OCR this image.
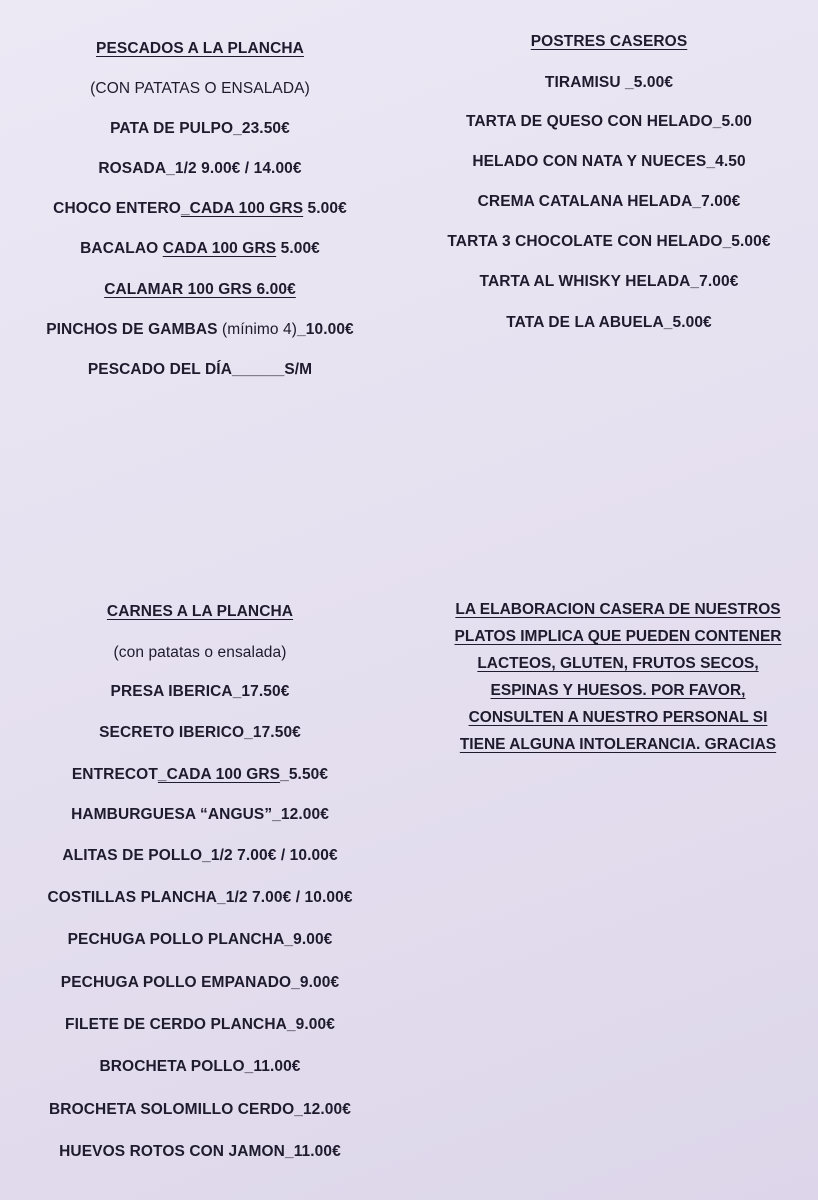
PESCADOS A LA PLANCHA
(CON PATATAS O ENSALADA)
PATA DE PULPO_23.50€
ROSADA_1/2 9.00€ / 14.00€
CHOCO ENTERO_CADA 100 GRS 5.00€
BACALAO CADA 100 GRS 5.00€
CALAMAR 100 GRS 6.00€
PINCHOS DE GAMBAS (mínimo 4)_10.00€
PESCADO DEL DÍA______S/M
POSTRES CASEROS
TIRAMISU _5.00€
TARTA DE QUESO CON HELADO_5.00
HELADO CON NATA Y NUECES_4.50
CREMA CATALANA HELADA_7.00€
TARTA 3 CHOCOLATE CON HELADO_5.00€
TARTA AL WHISKY HELADA_7.00€
TATA DE LA ABUELA_5.00€
CARNES A LA PLANCHA
(con patatas o ensalada)
PRESA IBERICA_17.50€
SECRETO IBERICO_17.50€
ENTRECOT_CADA 100 GRS_5.50€
HAMBURGUESA “ANGUS”_12.00€
ALITAS DE POLLO_1/2 7.00€ / 10.00€
COSTILLAS PLANCHA_1/2 7.00€ / 10.00€
PECHUGA POLLO PLANCHA_9.00€
PECHUGA POLLO EMPANADO_9.00€
FILETE DE CERDO PLANCHA_9.00€
BROCHETA POLLO_11.00€
BROCHETA SOLOMILLO CERDO_12.00€
HUEVOS ROTOS CON JAMON_11.00€
LA ELABORACION CASERA DE NUESTROS
PLATOS IMPLICA QUE PUEDEN CONTENER
LACTEOS, GLUTEN, FRUTOS SECOS,
ESPINAS Y HUESOS. POR FAVOR,
CONSULTEN A NUESTRO PERSONAL SI
TIENE ALGUNA INTOLERANCIA. GRACIAS
